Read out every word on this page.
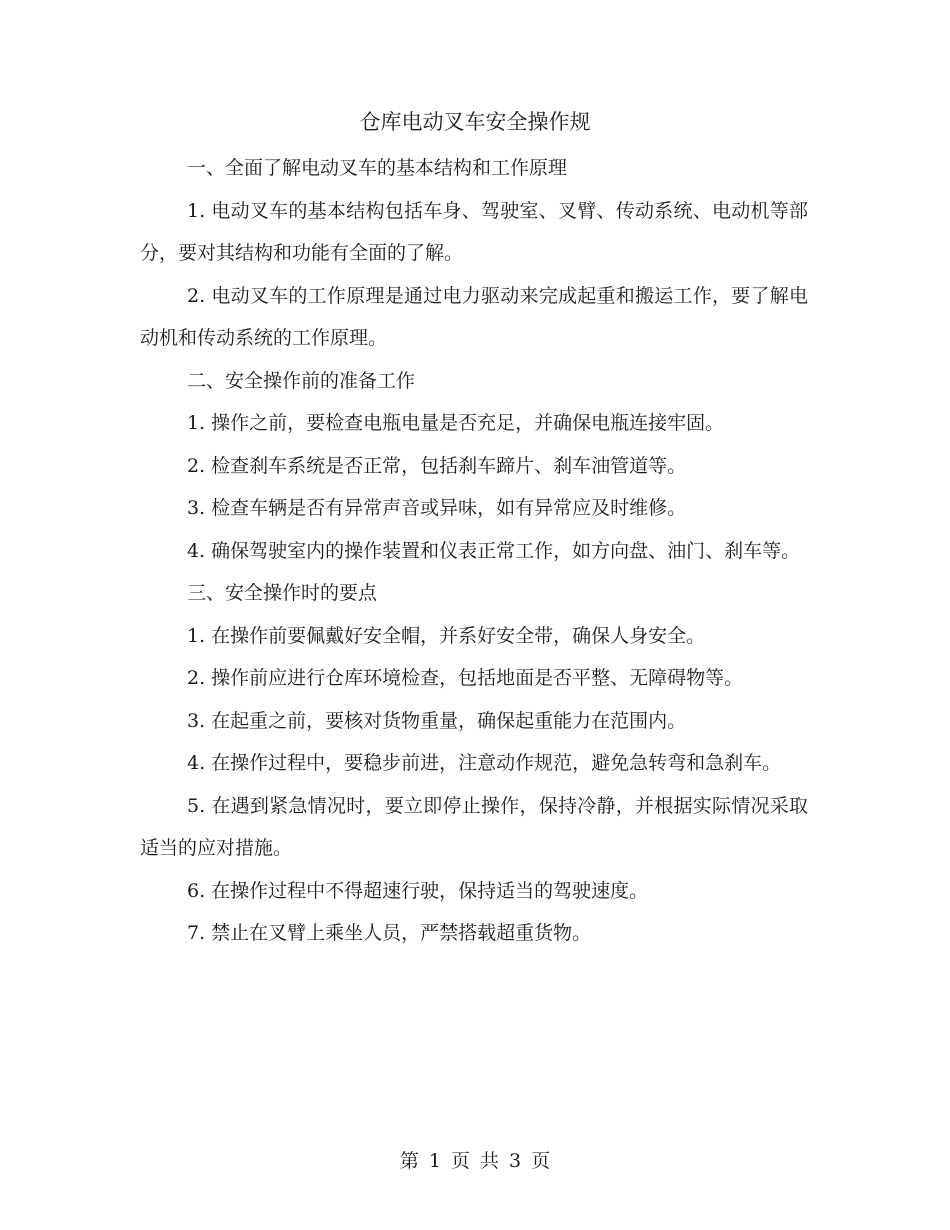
仓库电动叉车安全操作规

一、全面了解电动叉车的基本结构和工作原理

1. 电动叉车的基本结构包括车身、驾驶室、叉臂、传动系统、电动机等部分，要对其结构和功能有全面的了解。

2. 电动叉车的工作原理是通过电力驱动来完成起重和搬运工作，要了解电动机和传动系统的工作原理。

二、安全操作前的准备工作

1. 操作之前，要检查电瓶电量是否充足，并确保电瓶连接牢固。

2. 检查刹车系统是否正常，包括刹车蹄片、刹车油管道等。

3. 检查车辆是否有异常声音或异味，如有异常应及时维修。

4. 确保驾驶室内的操作装置和仪表正常工作，如方向盘、油门、刹车等。

三、安全操作时的要点

1. 在操作前要佩戴好安全帽，并系好安全带，确保人身安全。

2. 操作前应进行仓库环境检查，包括地面是否平整、无障碍物等。

3. 在起重之前，要核对货物重量，确保起重能力在范围内。

4. 在操作过程中，要稳步前进，注意动作规范，避免急转弯和急刹车。

5. 在遇到紧急情况时，要立即停止操作，保持冷静，并根据实际情况采取适当的应对措施。

6. 在操作过程中不得超速行驶，保持适当的驾驶速度。

7. 禁止在叉臂上乘坐人员，严禁搭载超重货物。

第 1 页 共 3 页
